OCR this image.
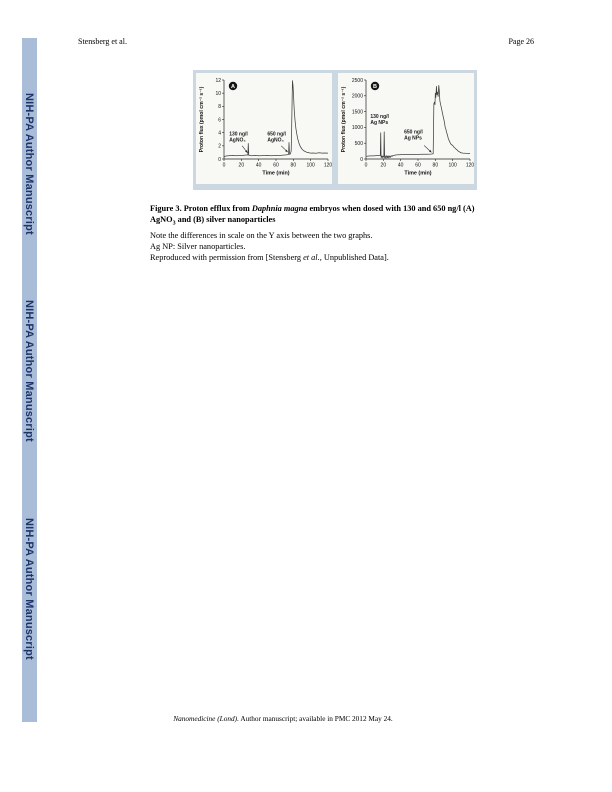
NIH-PA Author Manuscript
NIH-PA Author Manuscript
NIH-PA Author Manuscript
Stensberg et al.	Page 26
0
2
4
6
8
10
12
0	20 40 60 80 100 120
Proton flux (pmol cm⁻² s⁻¹)
Time (min)
A
130 ng/l
AgNO₃
650 ng/l
AgNO₃
0
500
1000
1500
2000
2500
0	20 40 60 80 100 120
Proton flux (pmol cm⁻² s⁻¹)
Time (min)
B
130 ng/l
Ag NPs
650 ng/l
Ag NPs
Figure 3. Proton efflux from Daphnia magna embryos when dosed with 130 and 650 ng/l (A)
AgNO$_3$ and (B) silver nanoparticles
Note the differences in scale on the Y axis between the two graphs.
Ag NP: Silver nanoparticles.
Reproduced with permission from [Stensberg et al., Unpublished Data].
Nanomedicine (Lond). Author manuscript; available in PMC 2012 May 24.
